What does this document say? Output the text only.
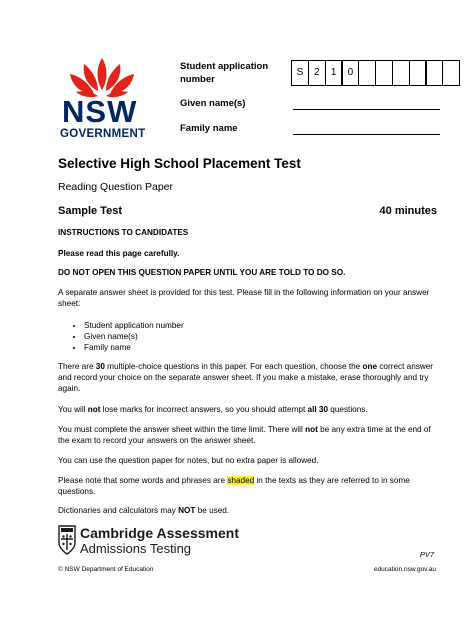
NSW
GOVERNMENT
Student application
number
S	2	1	0
Given name(s)
Family name
Selective High School Placement Test
Reading Question Paper
Sample Test	40 minutes
INSTRUCTIONS TO CANDIDATES
Please read this page carefully.
DO NOT OPEN THIS QUESTION PAPER UNTIL YOU ARE TOLD TO DO SO.
A separate answer sheet is provided for this test. Please fill in the following information on your answer sheet:
• Student application number
• Given name(s)
• Family name
There are 30 multiple-choice questions in this paper. For each question, choose the one correct answer and record your choice on the separate answer sheet. If you make a mistake, erase thoroughly and try again.
You will not lose marks for incorrect answers, so you should attempt all 30 questions.
You must complete the answer sheet within the time limit. There will not be any extra time at the end of the exam to record your answers on the answer sheet.
You can use the question paper for notes, but no extra paper is allowed.
Please note that some words and phrases are shaded in the texts as they are referred to in some questions.
Dictionaries and calculators may NOT be used.
Cambridge Assessment
Admissions Testing	PV7
© NSW Department of Education	education.nsw.gov.au
